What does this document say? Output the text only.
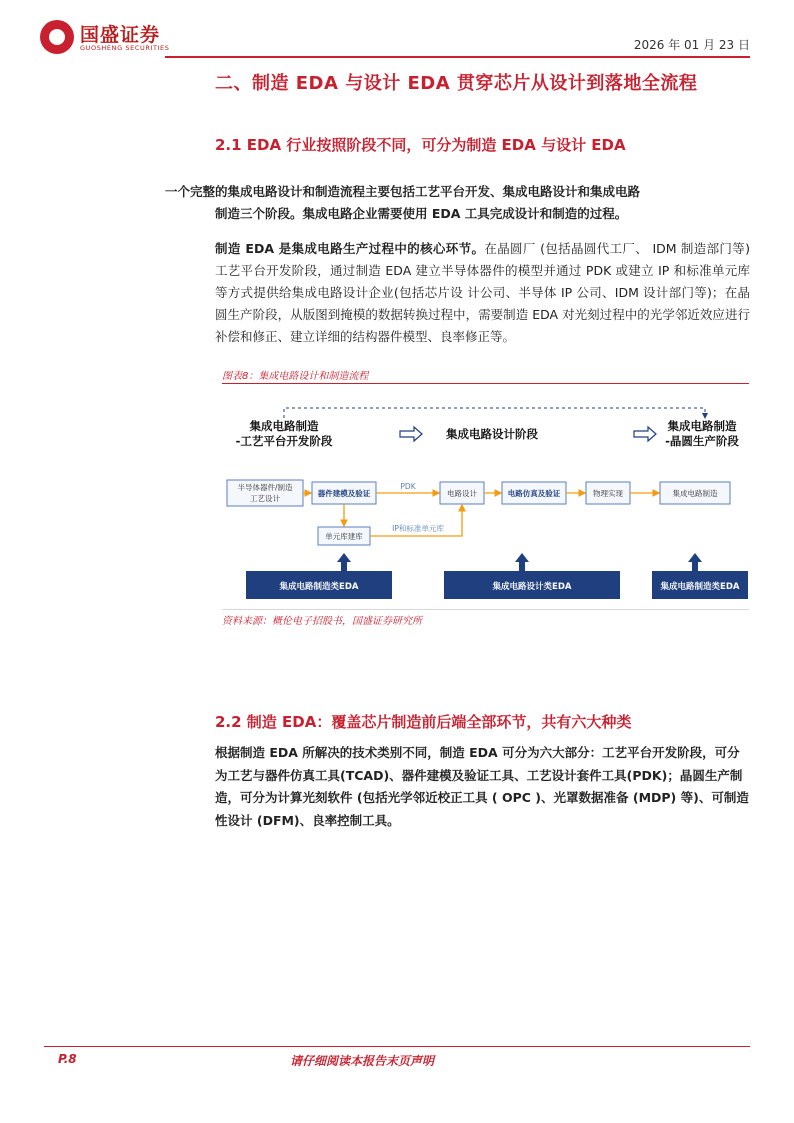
国盛证券
GUOSHENG SECURITIES	2026 年 01 月 23 日
二、制造 EDA 与设计 EDA 贯穿芯片从设计到落地全流程
2.1 EDA 行业按照阶段不同，可分为制造 EDA 与设计 EDA
一个完整的集成电路设计和制造流程主要包括工艺平台开发、集成电路设计和集成电路
制造三个阶段。集成电路企业需要使用 EDA 工具完成设计和制造的过程。
制造 EDA 是集成电路生产过程中的核心环节。在晶圆厂 (包括晶圆代工厂、 IDM 制造部门等) 工艺平台开发阶段，通过制造 EDA 建立半导体器件的模型并通过 PDK 或建立 IP 和标准单元库等方式提供给集成电路设计企业(包括芯片设 计公司、半导体 IP 公司、IDM 设计部门等)；在晶圆生产阶段，从版图到掩模的数据转换过程中，需要制造 EDA 对光刻过程中的光学邻近效应进行补偿和修正、建立详细的结构器件模型、良率修正等。
图表8：集成电路设计和制造流程
集成电路制造
-工艺平台开发阶段	集成电路设计阶段
集成电路制造
-晶圆生产阶段
半导体器件/制造
工艺设计
器件建模及验证
PDK
电路设计	电路仿真及验证	物理实现	集成电路制造
单元库建库
IP和标准单元库
集成电路制造类EDA	集成电路设计类EDA	集成电路制造类EDA
资料来源：概伦电子招股书，国盛证券研究所
2.2 制造 EDA：覆盖芯片制造前后端全部环节，共有六大种类
根据制造 EDA 所解决的技术类别不同，制造 EDA 可分为六大部分：工艺平台开发阶段，可分为工艺与器件仿真工具(TCAD)、器件建模及验证工具、工艺设计套件工具(PDK)；晶圆生产制造，可分为计算光刻软件 (包括光学邻近校正工具 ( OPC )、光罩数据准备 (MDP) 等)、可制造性设计 (DFM)、良率控制工具。
P.8	请仔细阅读本报告末页声明
